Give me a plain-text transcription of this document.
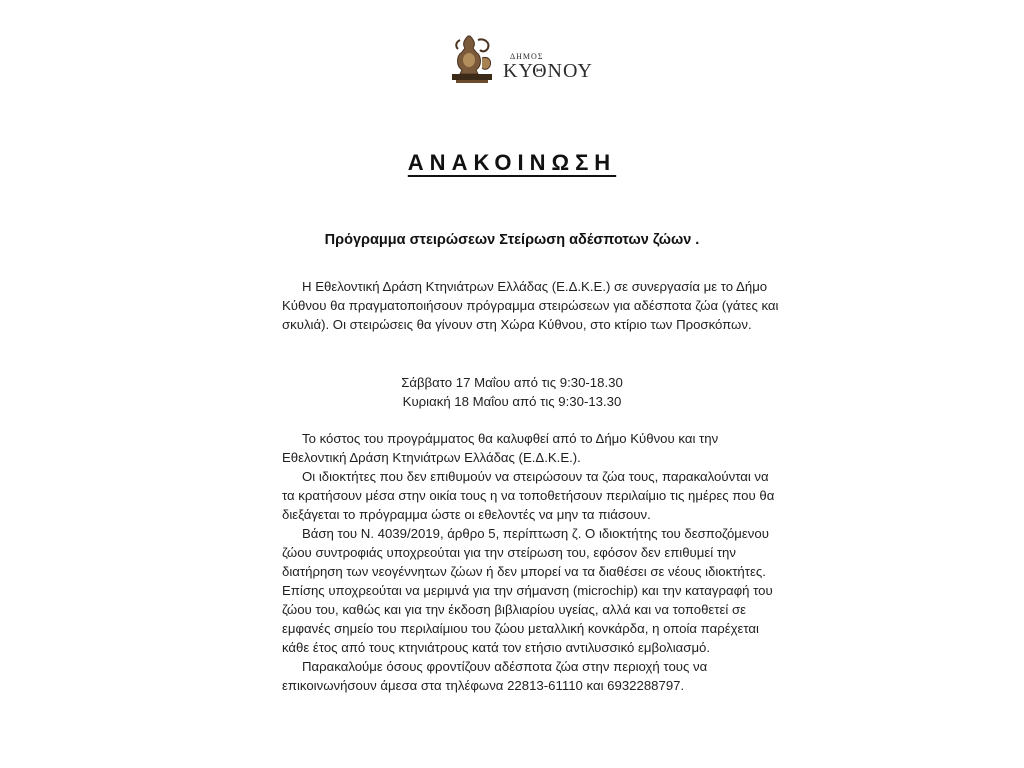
ΔΗΜΟΣ
ΚΥΘΝΟΥ
ΑΝΑΚΟΙΝΩΣΗ
Πρόγραμμα στειρώσεων Στείρωση αδέσποτων ζώων .

Η Εθελοντική Δράση Κτηνιάτρων Ελλάδας (Ε.Δ.Κ.Ε.) σε συνεργασία με το Δήμο Κύθνου θα πραγματοποιήσουν πρόγραμμα στειρώσεων για αδέσποτα ζώα (γάτες και σκυλιά). Οι στειρώσεις θα γίνουν στη Χώρα Κύθνου, στο κτίριο των Προσκόπων.

Σάββατο 17 Μαΐου από τις 9:30-18.30
Κυριακή 18 Μαΐου από τις 9:30-13.30

Το κόστος του προγράμματος θα καλυφθεί από το Δήμο Κύθνου και την Εθελοντική Δράση Κτηνιάτρων Ελλάδας (Ε.Δ.Κ.Ε.).

Οι ιδιοκτήτες που δεν επιθυμούν να στειρώσουν τα ζώα τους, παρακαλούνται να τα κρατήσουν μέσα στην οικία τους η να τοποθετήσουν περιλαίμιο τις ημέρες που θα διεξάγεται το πρόγραμμα ώστε οι εθελοντές να μην τα πιάσουν.

Βάση του Ν. 4039/2019, άρθρο 5, περίπτωση ζ. Ο ιδιοκτήτης του δεσποζόμενου ζώου συντροφιάς υποχρεούται για την στείρωση του, εφόσον δεν επιθυμεί την διατήρηση των νεογέννητων ζώων ή δεν μπορεί να τα διαθέσει σε νέους ιδιοκτήτες. Επίσης υποχρεούται να μεριμνά για την σήμανση (microchip) και την καταγραφή του ζώου του, καθώς και για την έκδοση βιβλιαρίου υγείας, αλλά και να τοποθετεί σε εμφανές σημείο του περιλαίμιου του ζώου μεταλλική κονκάρδα, η οποία παρέχεται κάθε έτος από τους κτηνιάτρους κατά τον ετήσιο αντιλυσσικό εμβολιασμό.

Παρακαλούμε όσους φροντίζουν αδέσποτα ζώα στην περιοχή τους να επικοινωνήσουν άμεσα στα τηλέφωνα 22813-61110 και 6932288797.
